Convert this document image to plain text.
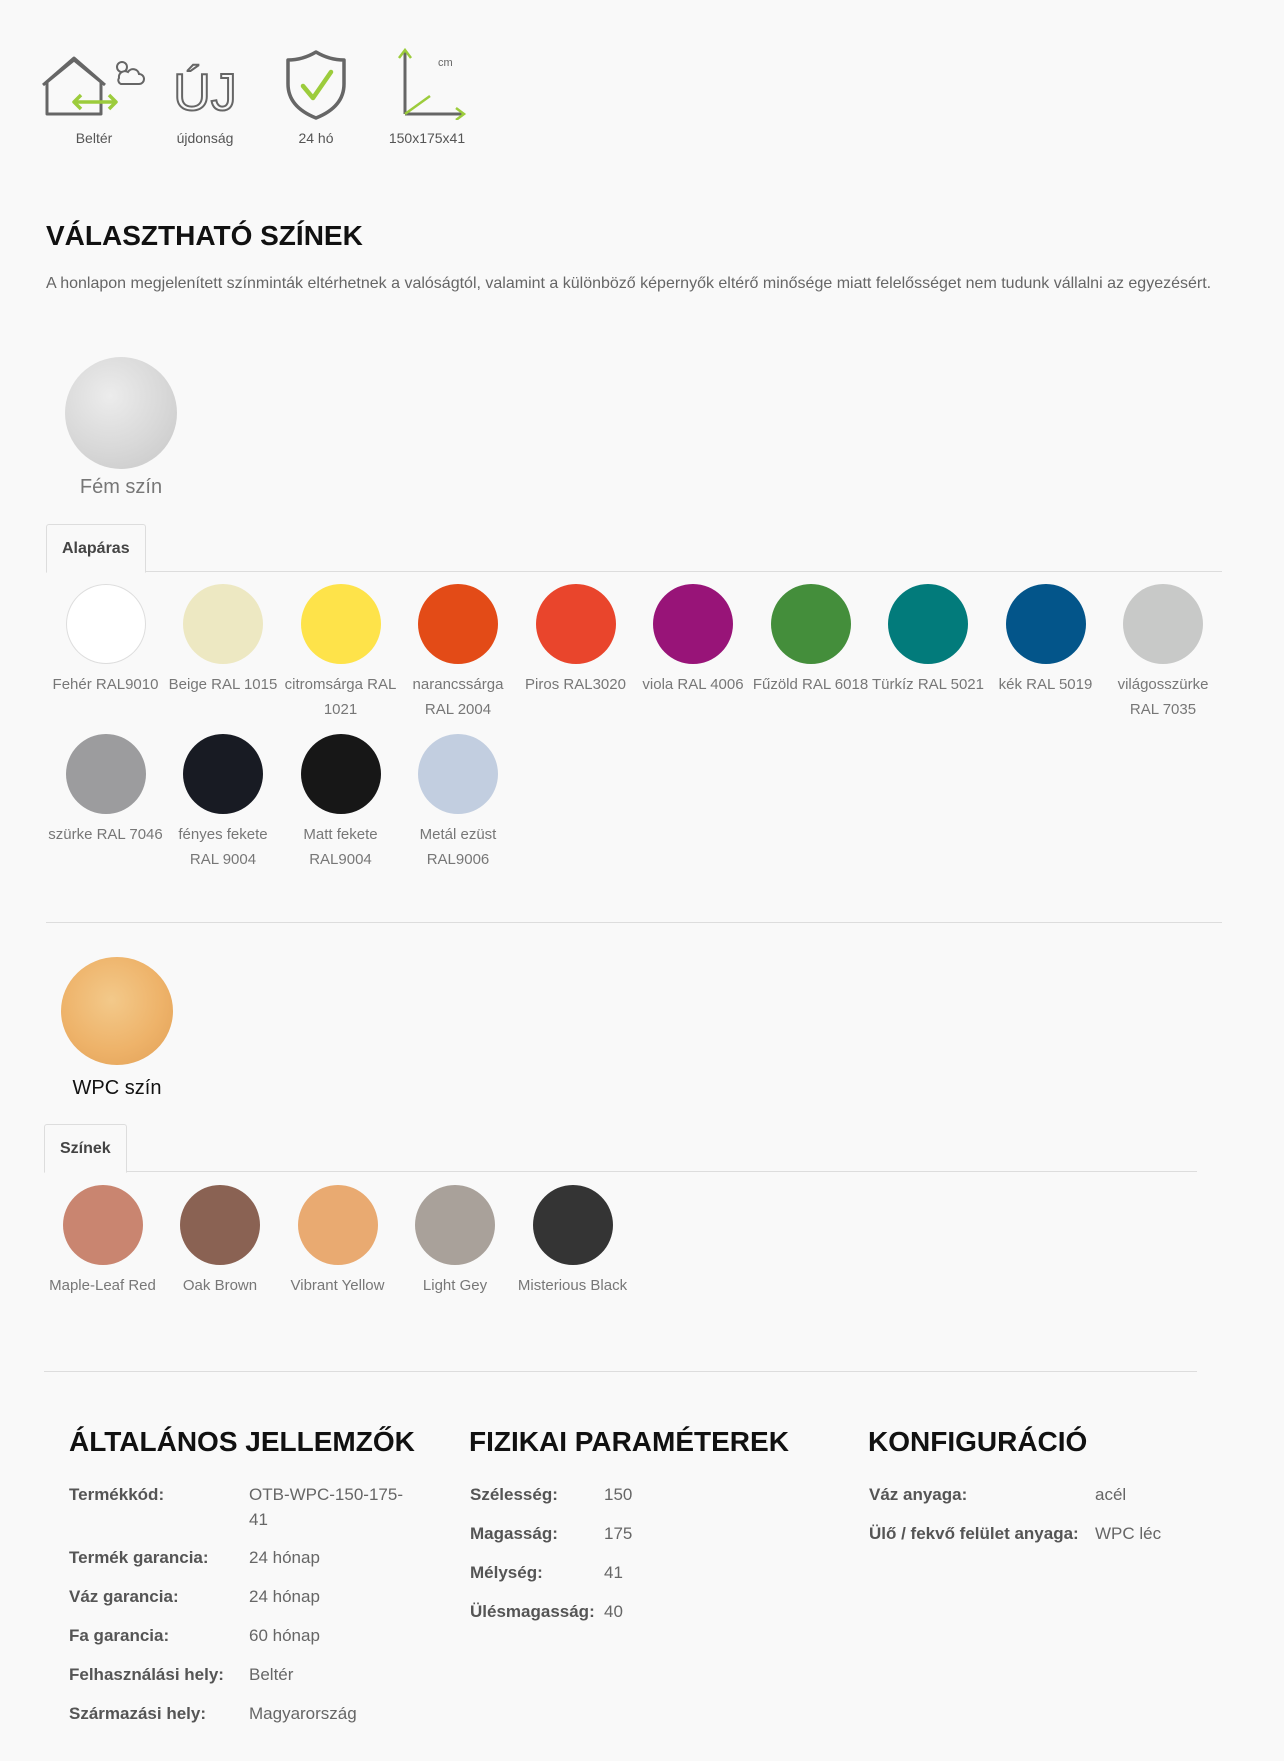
Beltér
ÚJ
újdonság	24 hó
cm
150x175x41
VÁLASZTHATÓ SZÍNEK

A honlapon megjelenített színminták eltérhetnek a valóságtól, valamint a különböző képernyők eltérő minősége miatt felelősséget nem tudunk vállalni az egyezésért.

Fém szín
Alapáras
Fehér RAL9010 Beige RAL 1015 citromsárga RAL 1021
narancssárga RAL 2004
Piros RAL3020	viola RAL 4006 Fűzöld RAL 6018 Türkíz RAL 5021 kék RAL 5019	világosszürke RAL 7035
szürke RAL 7046	fényes fekete RAL 9004
Matt fekete RAL9004
Metál ezüst RAL9006
WPC szín
Színek
Maple-Leaf Red	Oak Brown	Vibrant Yellow	Light Gey	Misterious Black
ÁLTALÁNOS JELLEMZŐK FIZIKAI PARAMÉTEREK	KONFIGURÁCIÓ
Termékkód:	OTB-WPC-150-175-41
Termék garancia: 24 hónap
Váz garancia:	24 hónap
Fa garancia:	60 hónap
Felhasználási hely: Beltér
Származási hely:	Magyarország
Szélesség:	150
Magasság:	175
Mélység:	41
Ülésmagasság: 40
Váz anyaga:	acél
Ülő / fekvő felület anyaga: WPC léc
